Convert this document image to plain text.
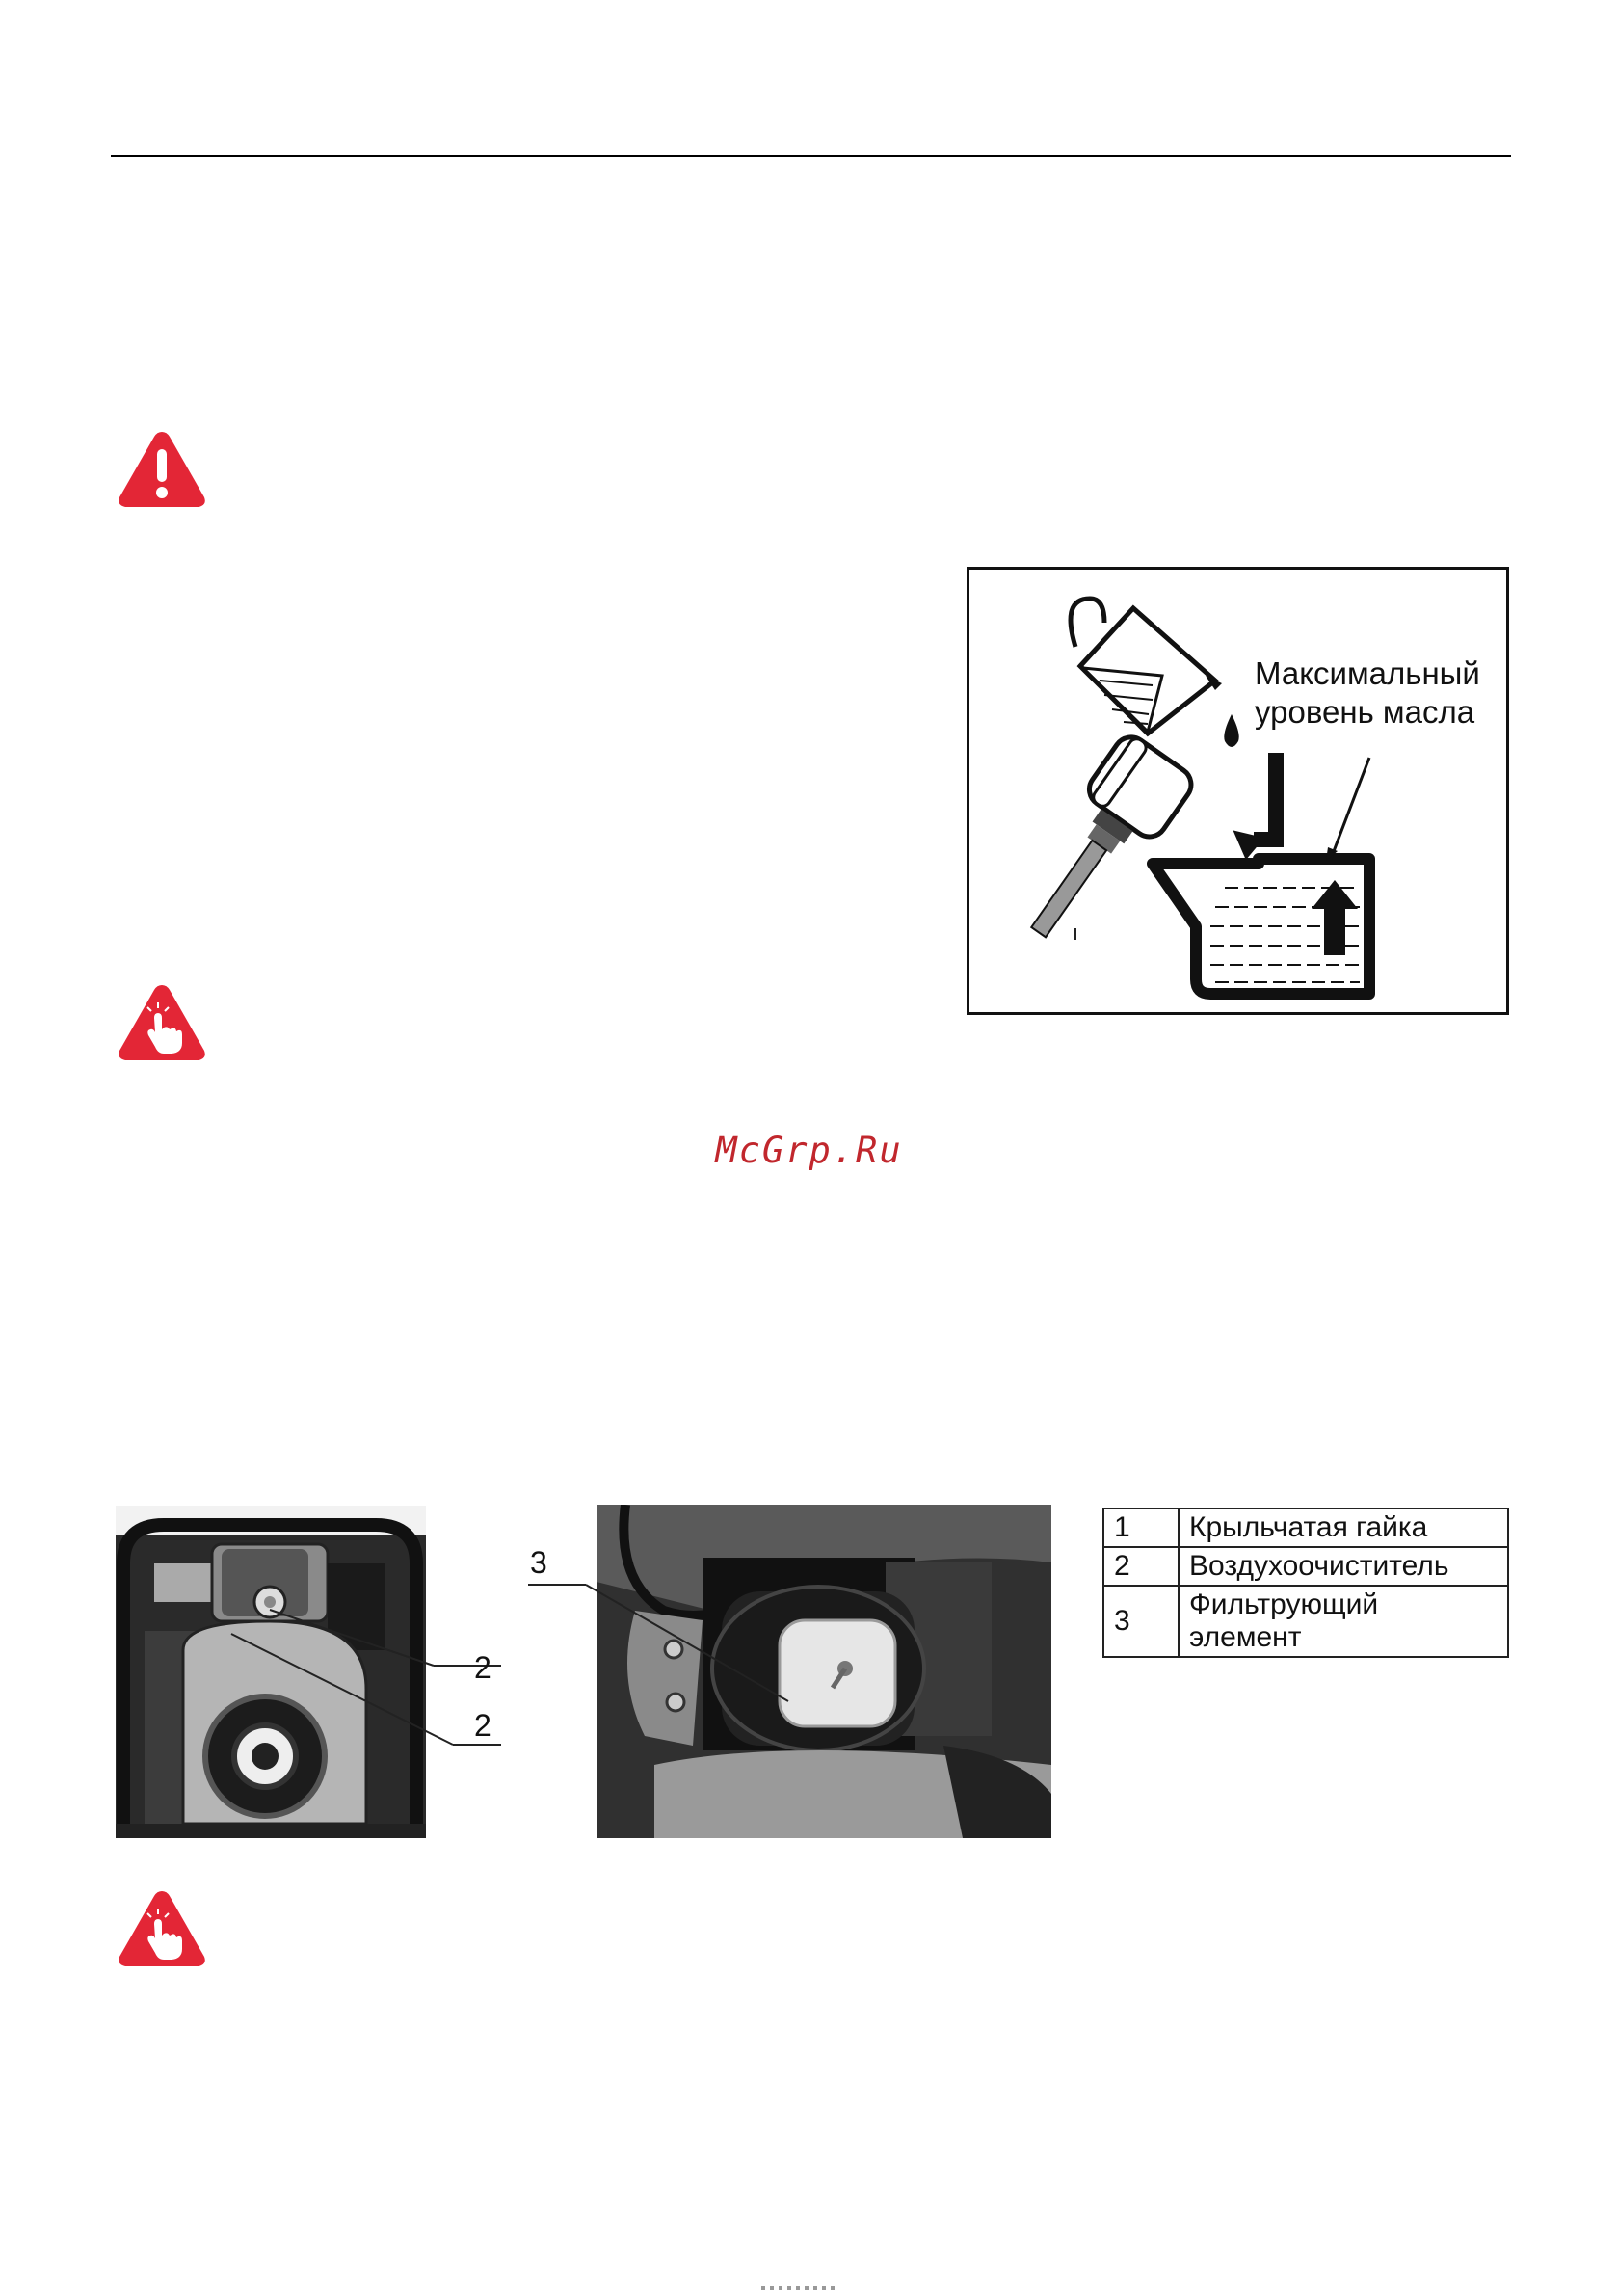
Максимальный
уровень масла
McGrp.Ru
2
2
3
1	Крыльчатая гайка
2	Воздухоочиститель
3	Фильтрующий элемент
